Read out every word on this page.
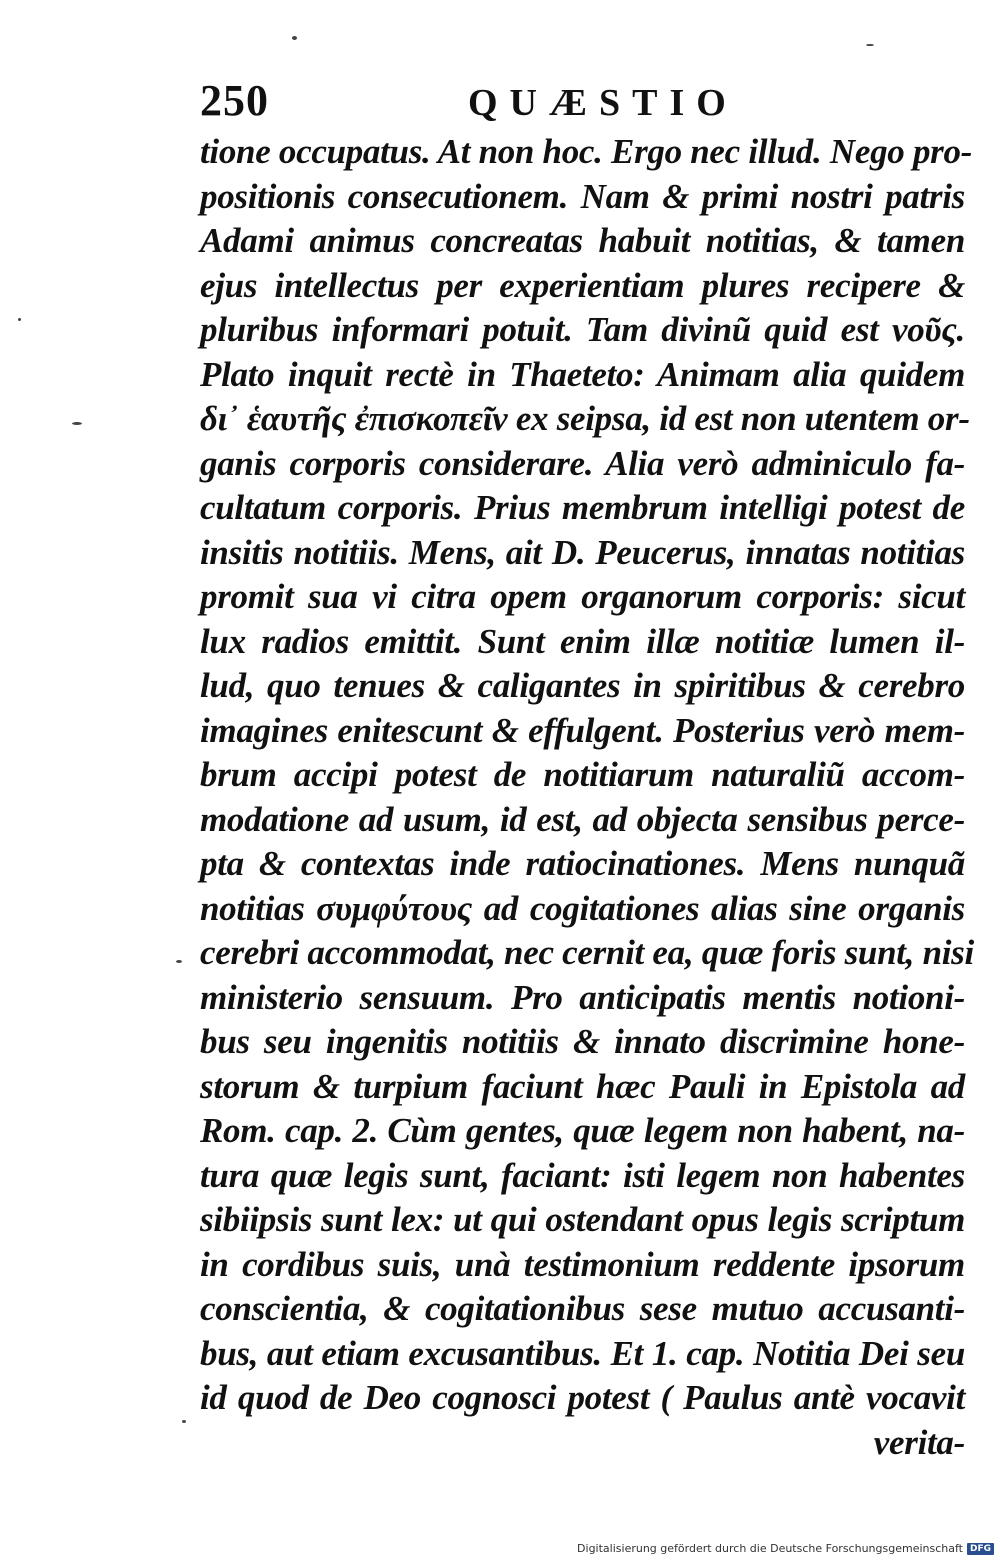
250	QUÆSTIO
tione occupatus. At non hoc. Ergo nec illud. Nego pro-
positionis consecutionem. Nam & primi nostri patris
Adami animus concreatas habuit notitias, & tamen
ejus intellectus per experientiam plures recipere &
pluribus informari potuit. Tam divinũ quid est νοῦς.
Plato inquit rectè in Thaeteto: Animam alia quidem
δι᾽ ἑαυτῆς ἐπισκοπεῖν ex seipsa, id est non utentem or-
ganis corporis considerare. Alia verò adminiculo fa-
cultatum corporis. Prius membrum intelligi potest de
insitis notitiis. Mens, ait D. Peucerus, innatas notitias
promit sua vi citra opem organorum corporis: sicut
lux radios emittit. Sunt enim illæ notitiæ lumen il-
lud, quo tenues & caligantes in spiritibus & cerebro
imagines enitescunt & effulgent. Posterius verò mem-
brum accipi potest de notitiarum naturaliũ accom-
modatione ad usum, id est, ad objecta sensibus perce-
pta & contextas inde ratiocinationes. Mens nunquã
notitias συμφύτους ad cogitationes alias sine organis
cerebri accommodat, nec cernit ea, quæ foris sunt, nisi
ministerio sensuum. Pro anticipatis mentis notioni-
bus seu ingenitis notitiis & innato discrimine hone-
storum & turpium faciunt hæc Pauli in Epistola ad
Rom. cap. 2. Cùm gentes, quæ legem non habent, na-
tura quæ legis sunt, faciant: isti legem non habentes
sibiipsis sunt lex: ut qui ostendant opus legis scriptum
in cordibus suis, unà testimonium reddente ipsorum
conscientia, & cogitationibus sese mutuo accusanti-
bus, aut etiam excusantibus. Et 1. cap. Notitia Dei seu
id quod de Deo cognosci potest ( Paulus antè vocavit
verita-
Digitalisierung gefördert durch die Deutsche Forschungsgemeinschaft DFG
